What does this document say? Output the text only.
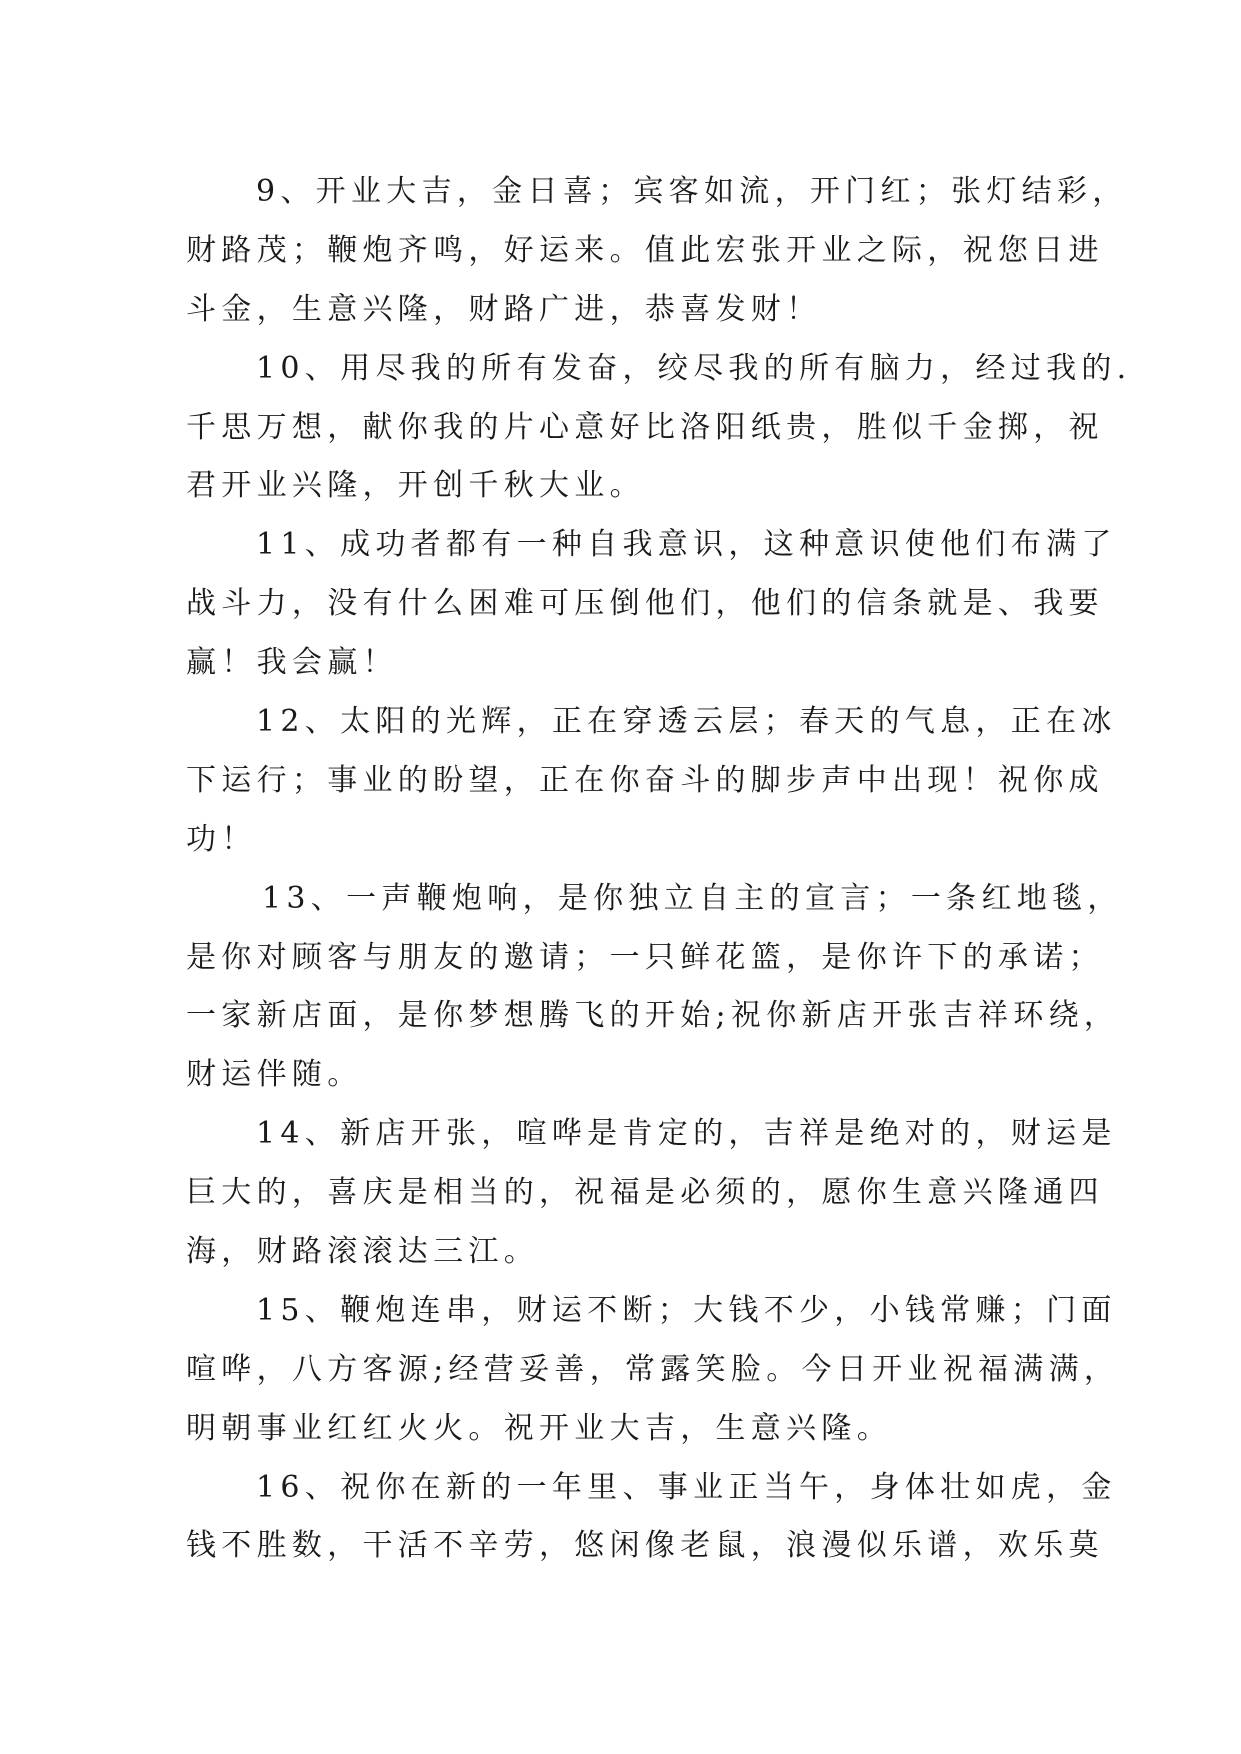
9、开业大吉，金日喜；宾客如流，开门红；张灯结彩，
财路茂；鞭炮齐鸣，好运来。值此宏张开业之际，祝您日进
斗金，生意兴隆，财路广进，恭喜发财！
10、用尽我的所有发奋，绞尽我的所有脑力，经过我的.
千思万想，献你我的片心意好比洛阳纸贵，胜似千金掷，祝
君开业兴隆，开创千秋大业。
11、成功者都有一种自我意识，这种意识使他们布满了
战斗力，没有什么困难可压倒他们，他们的信条就是、我要
赢！我会赢！
12、太阳的光辉，正在穿透云层；春天的气息，正在冰
下运行；事业的盼望，正在你奋斗的脚步声中出现！祝你成
功！
13、一声鞭炮响，是你独立自主的宣言；一条红地毯，
是你对顾客与朋友的邀请；一只鲜花篮，是你许下的承诺；
一家新店面，是你梦想腾飞的开始;祝你新店开张吉祥环绕，
财运伴随。
14、新店开张，喧哗是肯定的，吉祥是绝对的，财运是
巨大的，喜庆是相当的，祝福是必须的，愿你生意兴隆通四
海，财路滚滚达三江。
15、鞭炮连串，财运不断；大钱不少，小钱常赚；门面
喧哗，八方客源;经营妥善，常露笑脸。今日开业祝福满满，
明朝事业红红火火。祝开业大吉，生意兴隆。
16、祝你在新的一年里、事业正当午，身体壮如虎，金
钱不胜数，干活不辛劳，悠闲像老鼠，浪漫似乐谱，欢乐莫
